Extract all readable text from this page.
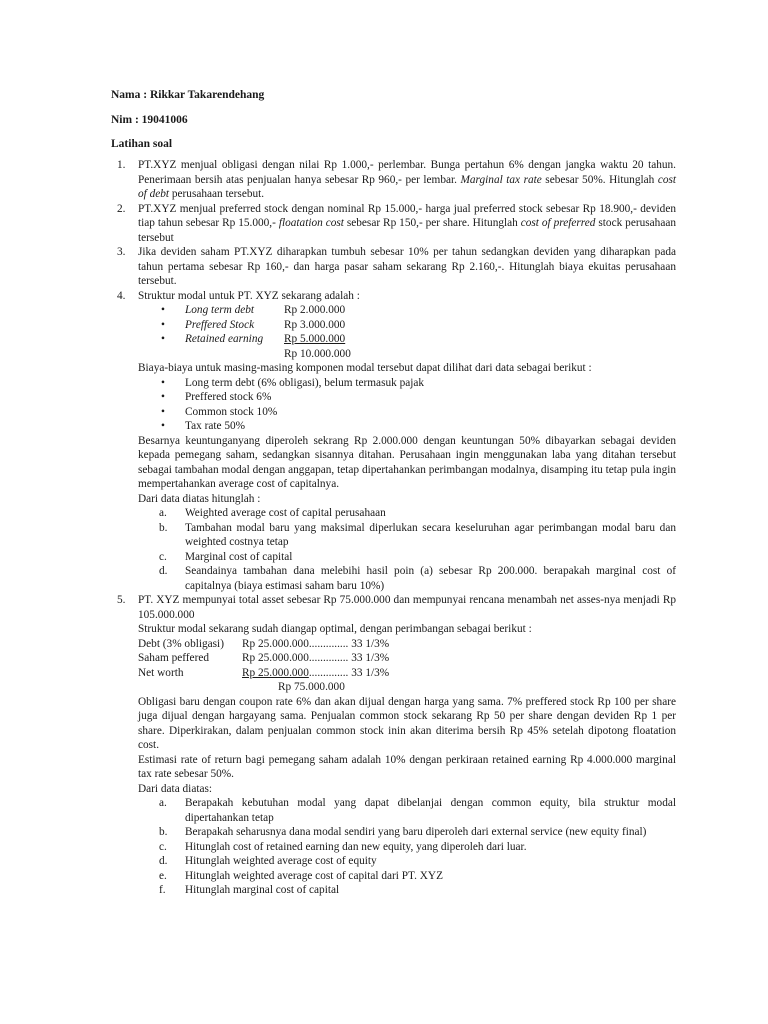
Nama : Rikkar Takarendehang
Nim : 19041006
Latihan soal
1. PT.XYZ menjual obligasi dengan nilai Rp 1.000,- perlembar. Bunga pertahun 6% dengan jangka waktu 20 tahun. Penerimaan bersih atas penjualan hanya sebesar Rp 960,- per lembar. Marginal tax rate sebesar 50%. Hitunglah cost of debt perusahaan tersebut.

2. PT.XYZ menjual preferred stock dengan nominal Rp 15.000,- harga jual preferred stock sebesar Rp 18.900,- deviden tiap tahun sebesar Rp 15.000,- floatation cost sebesar Rp 150,- per share. Hitunglah cost of preferred stock perusahaan tersebut

3. Jika deviden saham PT.XYZ diharapkan tumbuh sebesar 10% per tahun sedangkan deviden yang diharapkan pada tahun pertama sebesar Rp 160,- dan harga pasar saham sekarang Rp 2.160,-. Hitunglah biaya ekuitas perusahaan tersebut.

4. Struktur modal untuk PT. XYZ sekarang adalah :

• Long term debt	Rp 2.000.000
• Preffered Stock	Rp 3.000.000
• Retained earning Rp 5.000.000
Rp 10.000.000

Biaya-biaya untuk masing-masing komponen modal tersebut dapat dilihat dari data sebagai berikut :

• Long term debt (6% obligasi), belum termasuk pajak
• Preffered stock 6%
• Common stock 10%
• Tax rate 50%

Besarnya keuntunganyang diperoleh sekrang Rp 2.000.000 dengan keuntungan 50% dibayarkan sebagai deviden kepada pemegang saham, sedangkan sisannya ditahan. Perusahaan ingin menggunakan laba yang ditahan tersebut sebagai tambahan modal dengan anggapan, tetap dipertahankan perimbangan modalnya, disamping itu tetap pula ingin mempertahankan average cost of capitalnya.

Dari data diatas hitunglah :

a. Weighted average cost of capital perusahaan
b. Tambahan modal baru yang maksimal diperlukan secara keseluruhan agar perimbangan modal baru dan weighted costnya tetap
c. Marginal cost of capital
d. Seandainya tambahan dana melebihi hasil poin (a) sebesar Rp 200.000. berapakah marginal cost of capitalnya (biaya estimasi saham baru 10%)
5. PT. XYZ mempunyai total asset sebesar Rp 75.000.000 dan mempunyai rencana menambah net asses-nya menjadi Rp 105.000.000

Struktur modal sekarang sudah diangap optimal, dengan perimbangan sebagai berikut :

Debt (3% obligasi) Rp 25.000.000.............. 33 1/3%
Saham peffered	Rp 25.000.000.............. 33 1/3%
Net worth	Rp 25.000.000.............. 33 1/3%
Rp 75.000.000

Obligasi baru dengan coupon rate 6% dan akan dijual dengan harga yang sama. 7% preffered stock Rp 100 per share juga dijual dengan hargayang sama. Penjualan common stock sekarang Rp 50 per share dengan deviden Rp 1 per share. Diperkirakan, dalam penjualan common stock inin akan diterima bersih Rp 45% setelah dipotong floatation cost.

Estimasi rate of return bagi pemegang saham adalah 10% dengan perkiraan retained earning Rp 4.000.000 marginal tax rate sebesar 50%.

Dari data diatas:

a. Berapakah kebutuhan modal yang dapat dibelanjai dengan common equity, bila struktur modal dipertahankan tetap
b. Berapakah seharusnya dana modal sendiri yang baru diperoleh dari external service (new equity final)
c. Hitunglah cost of retained earning dan new equity, yang diperoleh dari luar.
d. Hitunglah weighted average cost of equity
e. Hitunglah weighted average cost of capital dari PT. XYZ
f. Hitunglah marginal cost of capital
